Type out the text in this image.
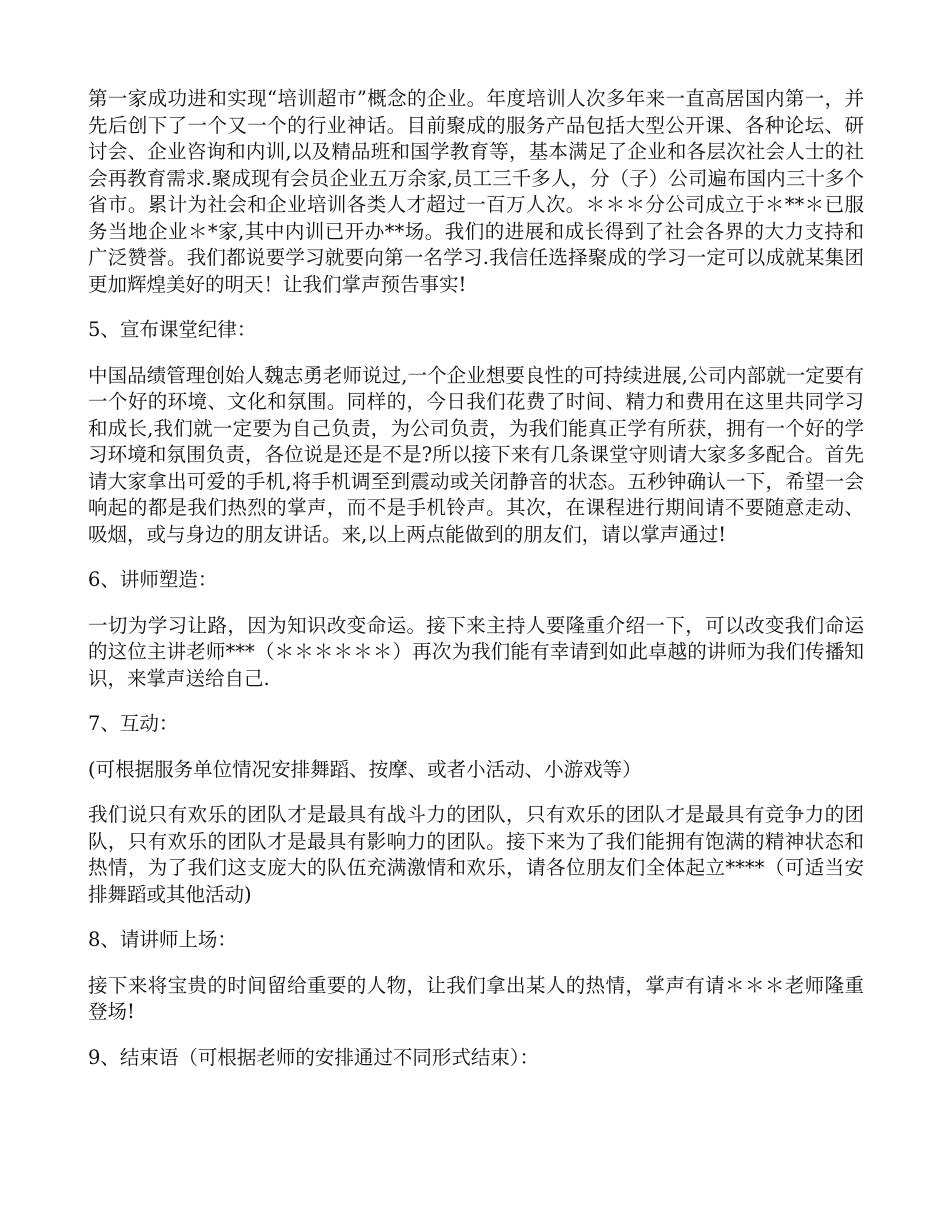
第一家成功进和实现“培训超市”概念的企业。年度培训人次多年来一直高居国内第一，并先后创下了一个又一个的行业神话。目前聚成的服务产品包括大型公开课、各种论坛、研讨会、企业咨询和内训,以及精品班和国学教育等，基本满足了企业和各层次社会人士的社会再教育需求.聚成现有会员企业五万余家,员工三千多人，分（子）公司遍布国内三十多个省市。累计为社会和企业培训各类人才超过一百万人次。＊＊＊分公司成立于＊**＊已服务当地企业＊*家,其中内训已开办**场。我们的进展和成长得到了社会各界的大力支持和广泛赞誉。我们都说要学习就要向第一名学习.我信任选择聚成的学习一定可以成就某集团更加辉煌美好的明天！让我们掌声预告事实!

5、宣布课堂纪律：

中国品绩管理创始人魏志勇老师说过,一个企业想要良性的可持续进展,公司内部就一定要有一个好的环境、文化和氛围。同样的，今日我们花费了时间、精力和费用在这里共同学习和成长,我们就一定要为自己负责，为公司负责，为我们能真正学有所获，拥有一个好的学习环境和氛围负责，各位说是还是不是?所以接下来有几条课堂守则请大家多多配合。首先请大家拿出可爱的手机,将手机调至到震动或关闭静音的状态。五秒钟确认一下，希望一会响起的都是我们热烈的掌声，而不是手机铃声。其次，在课程进行期间请不要随意走动、吸烟，或与身边的朋友讲话。来,以上两点能做到的朋友们，请以掌声通过!

6、讲师塑造：

一切为学习让路，因为知识改变命运。接下来主持人要隆重介绍一下，可以改变我们命运的这位主讲老师***（＊＊＊＊＊＊）再次为我们能有幸请到如此卓越的讲师为我们传播知识，来掌声送给自己.

7、互动：

(可根据服务单位情况安排舞蹈、按摩、或者小活动、小游戏等）

我们说只有欢乐的团队才是最具有战斗力的团队，只有欢乐的团队才是最具有竞争力的团队，只有欢乐的团队才是最具有影响力的团队。接下来为了我们能拥有饱满的精神状态和热情，为了我们这支庞大的队伍充满激情和欢乐，请各位朋友们全体起立****（可适当安排舞蹈或其他活动)

8、请讲师上场：

接下来将宝贵的时间留给重要的人物，让我们拿出某人的热情，掌声有请＊＊＊老师隆重登场!

9、结束语（可根据老师的安排通过不同形式结束）：
